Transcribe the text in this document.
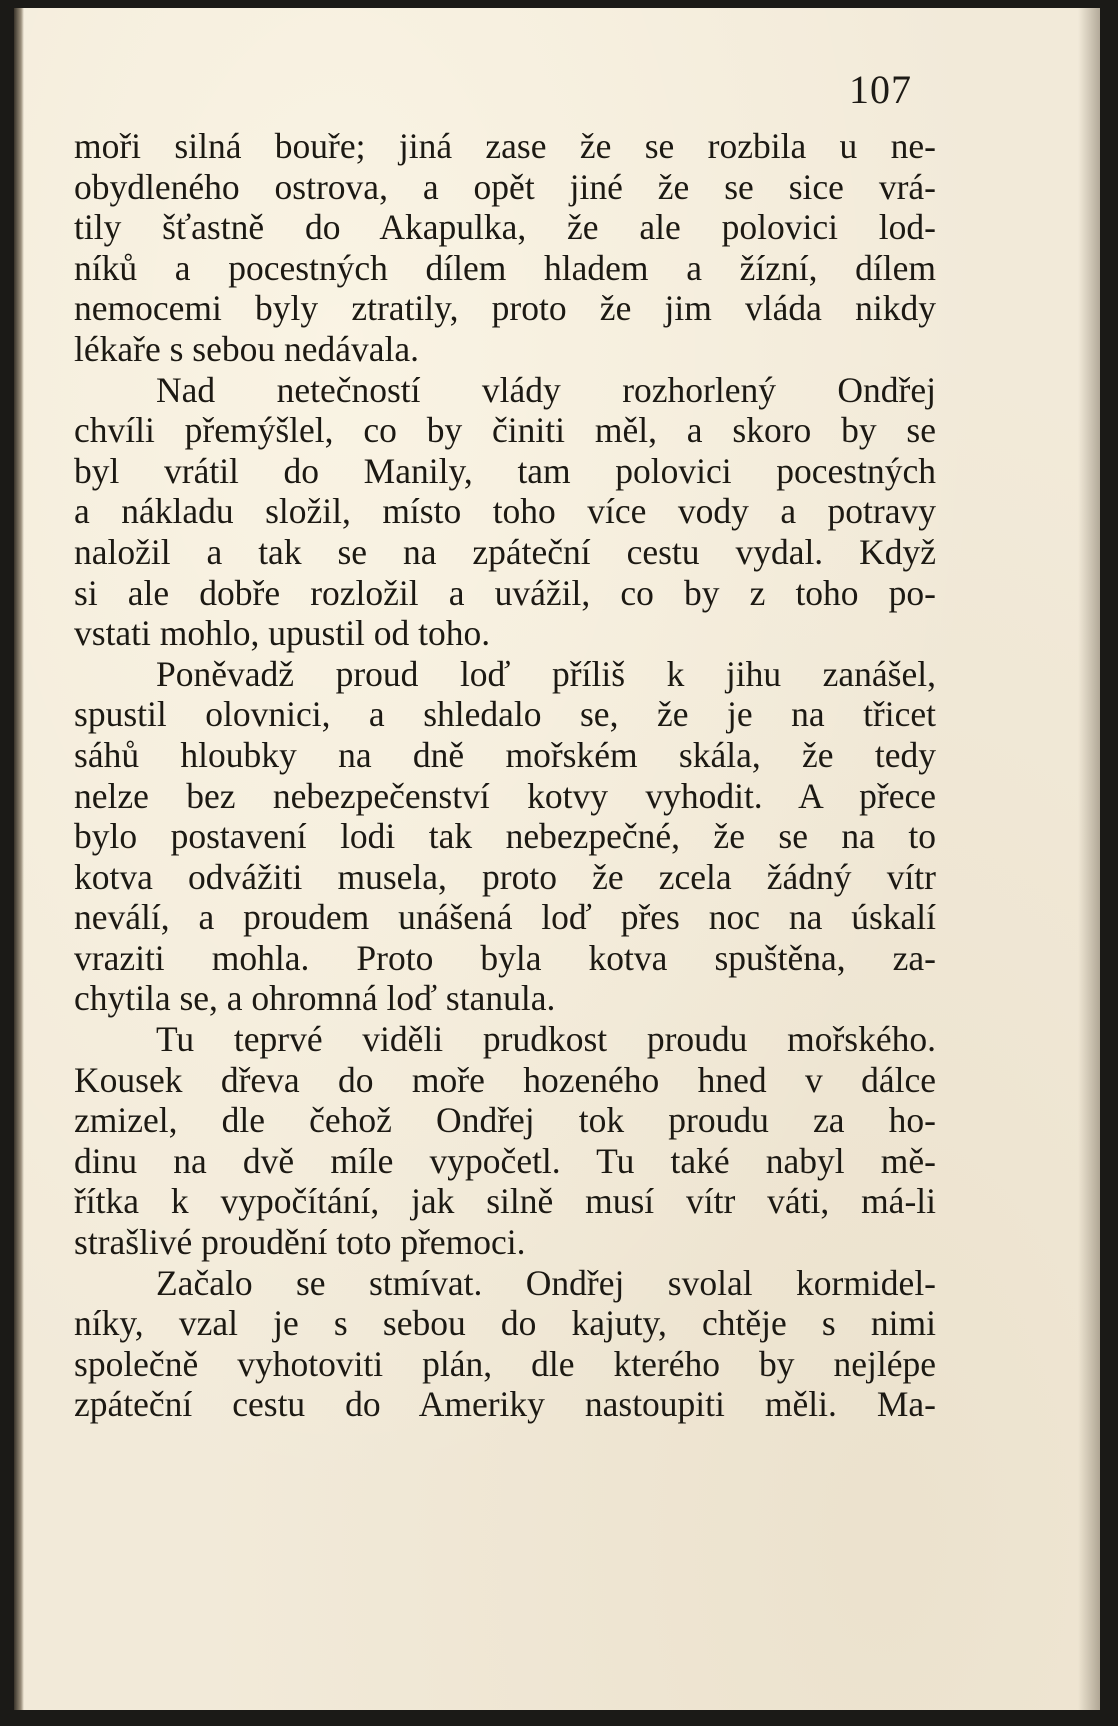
107
moři silná bouře; jiná zase že se rozbila u ne-
obydleného ostrova, a opět jiné že se sice vrá-
tily šťastně do Akapulka, že ale polovici lod-
níků a pocestných dílem hladem a žízní, dílem
nemocemi byly ztratily, proto že jim vláda nikdy
lékaře s sebou nedávala.
Nad netečností vlády rozhorlený Ondřej
chvíli přemýšlel, co by činiti měl, a skoro by se
byl vrátil do Manily, tam polovici pocestných
a nákladu složil, místo toho více vody a potravy
naložil a tak se na zpáteční cestu vydal. Když
si ale dobře rozložil a uvážil, co by z toho po-
vstati mohlo, upustil od toho.
Poněvadž proud loď příliš k jihu zanášel,
spustil olovnici, a shledalo se, že je na třicet
sáhů hloubky na dně mořském skála, že tedy
nelze bez nebezpečenství kotvy vyhodit. A přece
bylo postavení lodi tak nebezpečné, že se na to
kotva odvážiti musela, proto že zcela žádný vítr
neválí, a proudem unášená loď přes noc na úskalí
vraziti mohla. Proto byla kotva spuštěna, za-
chytila se, a ohromná loď stanula.
Tu teprvé viděli prudkost proudu mořského.
Kousek dřeva do moře hozeného hned v dálce
zmizel, dle čehož Ondřej tok proudu za ho-
dinu na dvě míle vypočetl. Tu také nabyl mě-
řítka k vypočítání, jak silně musí vítr váti, má-li
strašlivé proudění toto přemoci.
Začalo se stmívat. Ondřej svolal kormidel-
níky, vzal je s sebou do kajuty, chtěje s nimi
společně vyhotoviti plán, dle kterého by nejlépe
zpáteční cestu do Ameriky nastoupiti měli. Ma-
